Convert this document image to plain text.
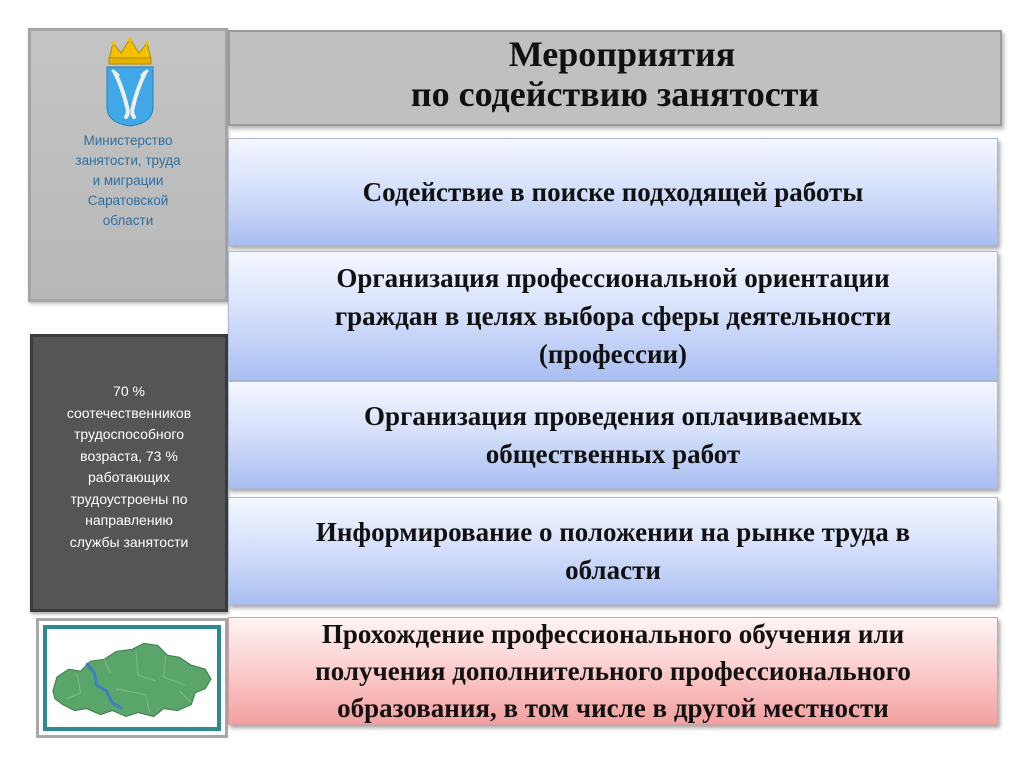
Министерство
занятости, труда
и миграции
Саратовской
области
Мероприятия
по содействию занятости
70 %
соотечественников
трудоспособного
возраста, 73 %
работающих
трудоустроены по
направлению
службы занятости
Содействие в поиске подходящей работы
Организация профессиональной ориентации
граждан в целях выбора сферы деятельности
(профессии)
Организация проведения оплачиваемых
общественных работ
Информирование о положении на рынке труда в
области
Прохождение профессионального обучения или
получения дополнительного профессионального
образования, в том числе в другой местности
